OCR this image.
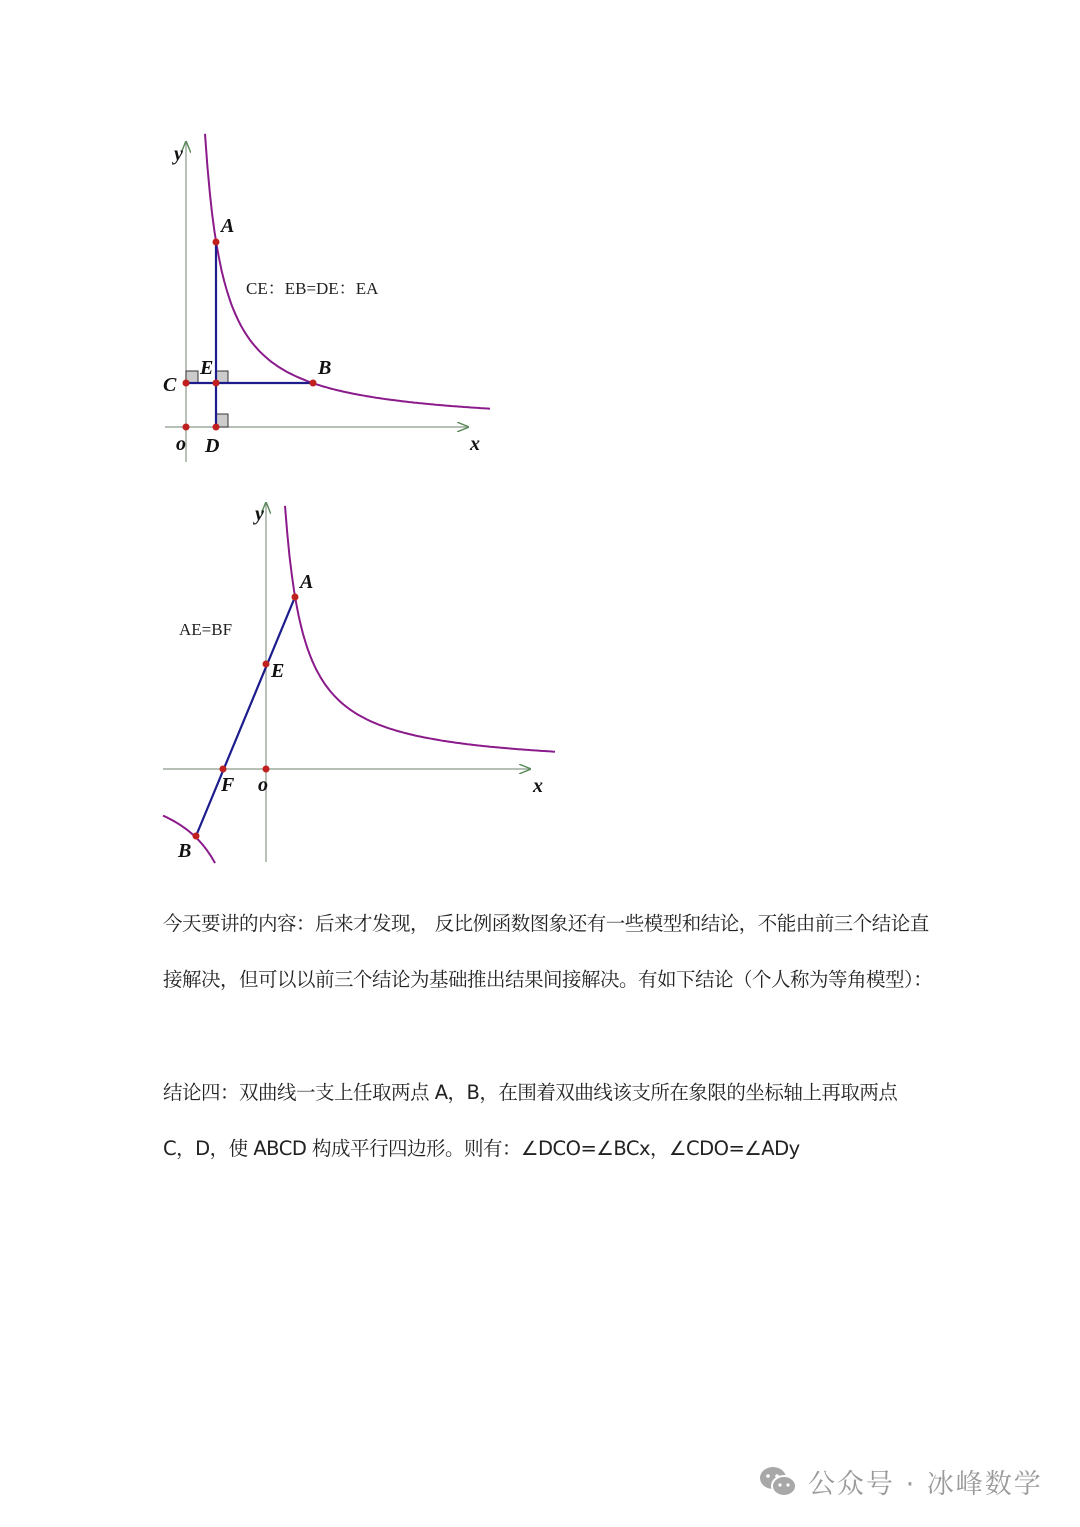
y
A
B
C
E
D
o	x
CE：EB=DE：EA
y
A
E
F o
B
x
AE=BF
今天要讲的内容：后来才发现， 反比例函数图象还有一些模型和结论，不能由前三个结论直接解决，但可以以前三个结论为基础推出结果间接解决。有如下结论（个人称为等角模型）：
结论四：双曲线一支上任取两点 A，B，在围着双曲线该支所在象限的坐标轴上再取两点 C，D，使 ABCD 构成平行四边形。则有：∠DCO=∠BCx，∠CDO=∠ADy
公众号 · 冰峰数学
